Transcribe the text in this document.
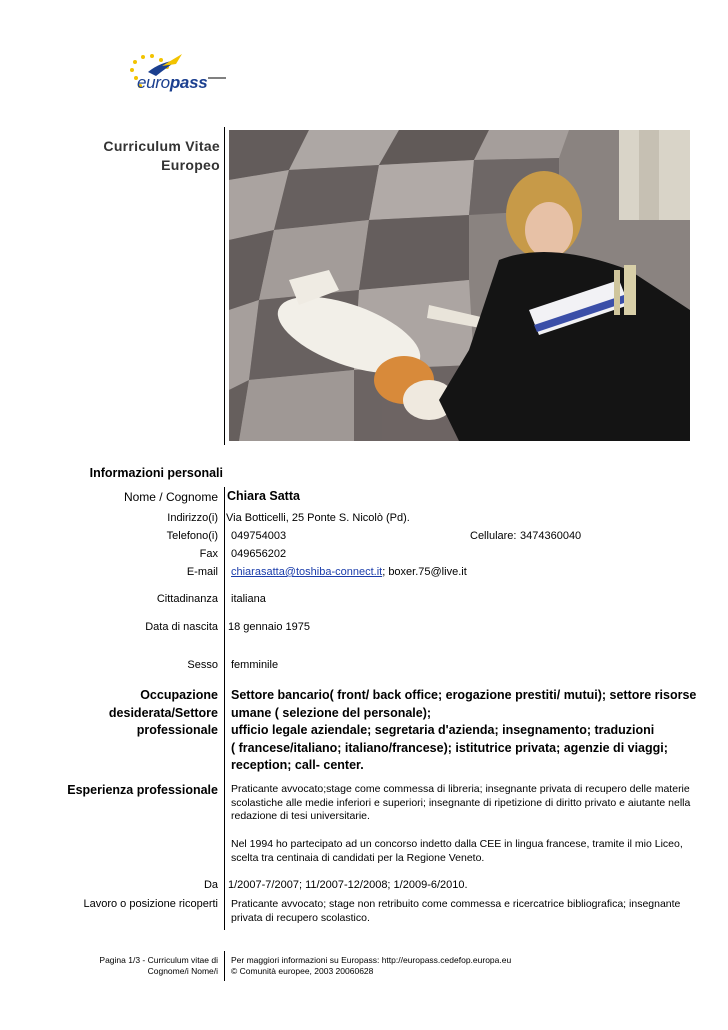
europass
Curriculum Vitae
Europeo
Informazioni personali
Nome / Cognome Chiara Satta
Indirizzo(i) Via Botticelli, 25 Ponte S. Nicolò (Pd).
Telefono(i) 049754003	Cellulare: 3474360040
Fax 049656202
E-mail chiarasatta@toshiba-connect.it; boxer.75@live.it
Cittadinanza italiana
Data di nascita 18 gennaio 1975
Sesso femminile
Occupazione
desiderata/Settore
professionale
Settore bancario( front/ back office; erogazione prestiti/ mutui); settore risorse
umane ( selezione del personale);
ufficio legale aziendale; segretaria d'azienda; insegnamento; traduzioni
( francese/italiano; italiano/francese); istitutrice privata; agenzie di viaggi;
reception; call- center.
Esperienza professionale Praticante avvocato;stage come commessa di libreria; insegnante privata di recupero delle materie
scolastiche alle medie inferiori e superiori; insegnante di ripetizione di diritto privato e aiutante nella
redazione di tesi universitarie.
Nel 1994 ho partecipato ad un concorso indetto dalla CEE in lingua francese, tramite il mio Liceo,
scelta tra centinaia di candidati per la Regione Veneto.
Da 1/2007-7/2007; 11/2007-12/2008; 1/2009-6/2010.
Lavoro o posizione ricoperti Praticante avvocato; stage non retribuito come commessa e ricercatrice bibliografica; insegnante
privata di recupero scolastico.
Pagina 1/3 - Curriculum vitae di
Cognome/i Nome/i
Per maggiori informazioni su Europass: http://europass.cedefop.europa.eu
© Comunità europee, 2003 20060628
